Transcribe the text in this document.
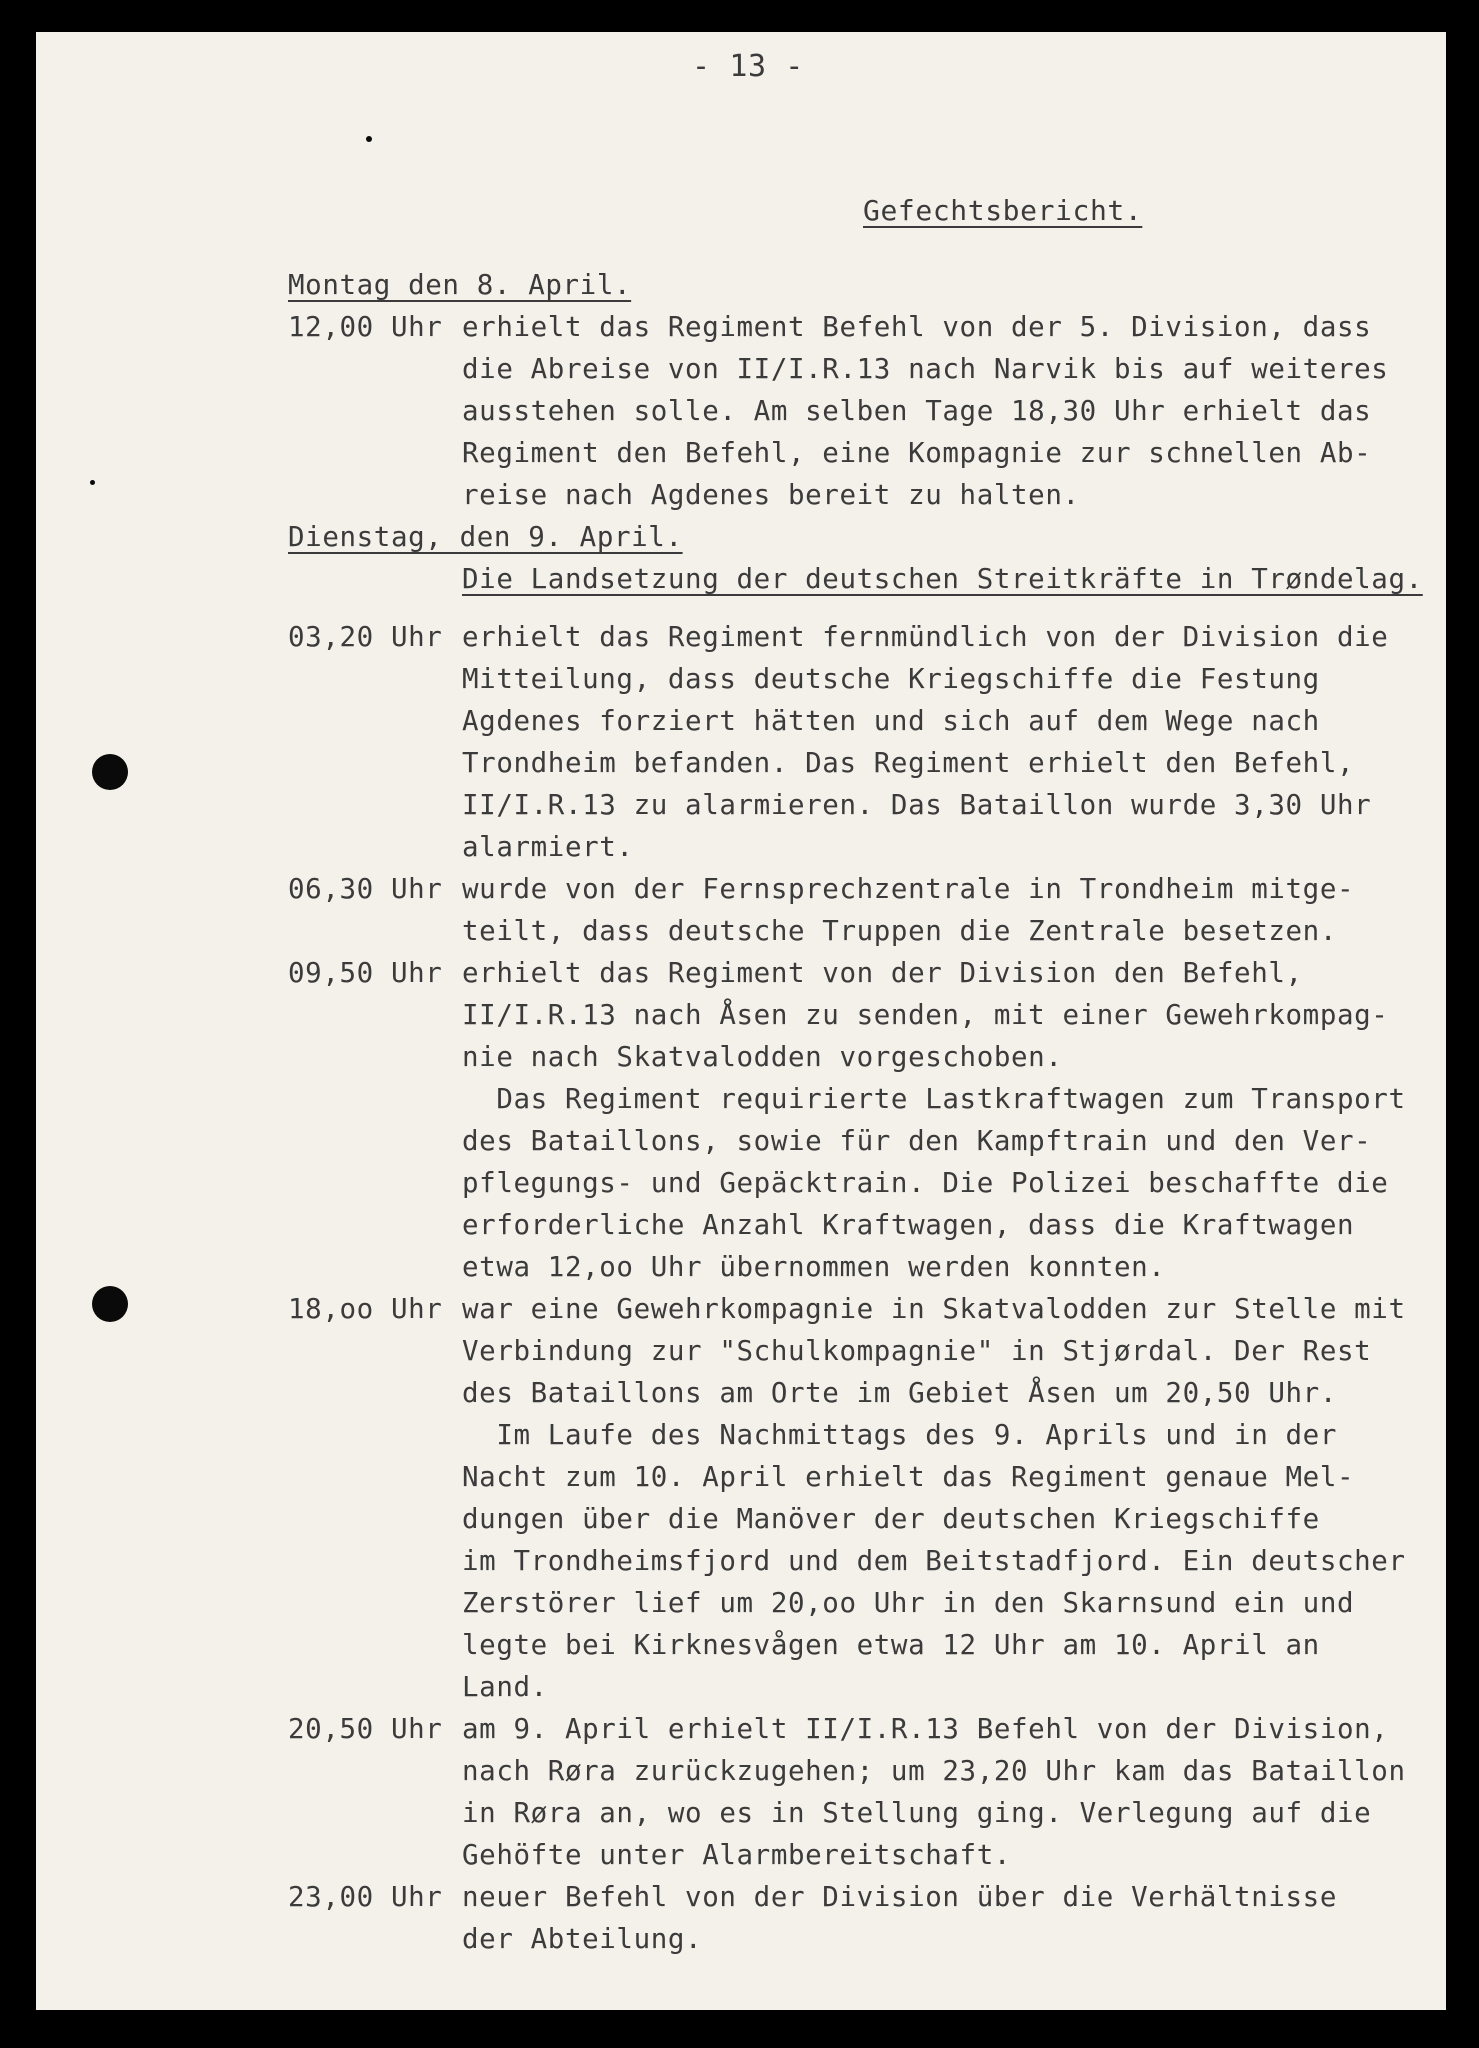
- 13 -
Gefechtsbericht.
Montag den 8. April.
12,00 Uhr erhielt das Regiment Befehl von der 5. Division, dass
die Abreise von II/I.R.13 nach Narvik bis auf weiteres
ausstehen solle. Am selben Tage 18,30 Uhr erhielt das
Regiment den Befehl, eine Kompagnie zur schnellen Ab-
reise nach Agdenes bereit zu halten.
Dienstag, den 9. April.
Die Landsetzung der deutschen Streitkräfte in Trøndelag.
03,20 Uhr erhielt das Regiment fernmündlich von der Division die
Mitteilung, dass deutsche Kriegschiffe die Festung
Agdenes forziert hätten und sich auf dem Wege nach
Trondheim befanden. Das Regiment erhielt den Befehl,
II/I.R.13 zu alarmieren. Das Bataillon wurde 3,30 Uhr
alarmiert.
06,30 Uhr wurde von der Fernsprechzentrale in Trondheim mitge-
teilt, dass deutsche Truppen die Zentrale besetzen.
09,50 Uhr erhielt das Regiment von der Division den Befehl,
II/I.R.13 nach Åsen zu senden, mit einer Gewehrkompag-
nie nach Skatvalodden vorgeschoben.
Das Regiment requirierte Lastkraftwagen zum Transport
des Bataillons, sowie für den Kampftrain und den Ver-
pflegungs- und Gepäcktrain. Die Polizei beschaffte die
erforderliche Anzahl Kraftwagen, dass die Kraftwagen
etwa 12,oo Uhr übernommen werden konnten.
18,oo Uhr war eine Gewehrkompagnie in Skatvalodden zur Stelle mit
Verbindung zur "Schulkompagnie" in Stjørdal. Der Rest
des Bataillons am Orte im Gebiet Åsen um 20,50 Uhr.
Im Laufe des Nachmittags des 9. Aprils und in der
Nacht zum 10. April erhielt das Regiment genaue Mel-
dungen über die Manöver der deutschen Kriegschiffe
im Trondheimsfjord und dem Beitstadfjord. Ein deutscher
Zerstörer lief um 20,oo Uhr in den Skarnsund ein und
legte bei Kirknesvågen etwa 12 Uhr am 10. April an
Land.
20,50 Uhr am 9. April erhielt II/I.R.13 Befehl von der Division,
nach Røra zurückzugehen; um 23,20 Uhr kam das Bataillon
in Røra an, wo es in Stellung ging. Verlegung auf die
Gehöfte unter Alarmbereitschaft.
23,00 Uhr neuer Befehl von der Division über die Verhältnisse
der Abteilung.
